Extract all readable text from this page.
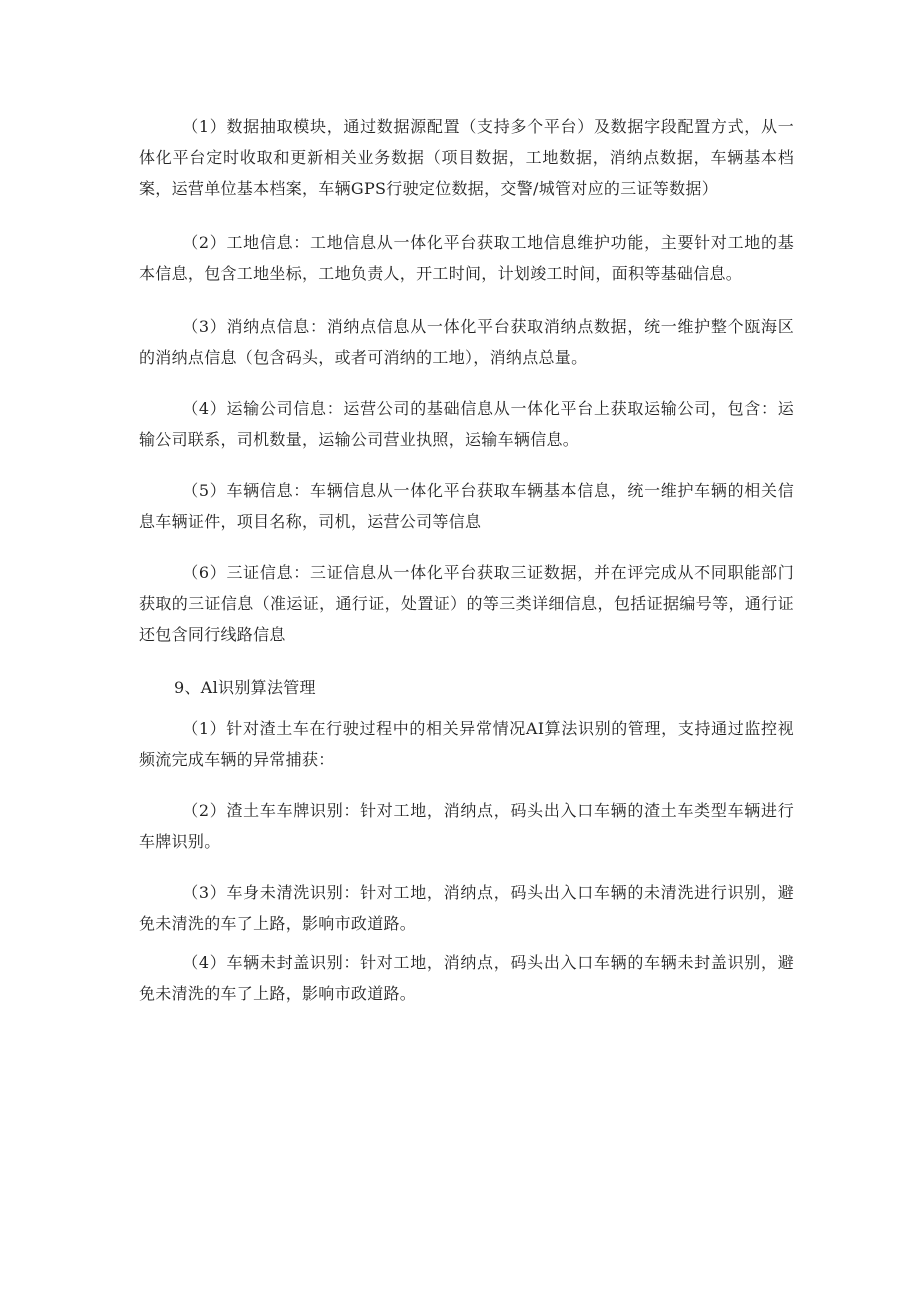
（1）数据抽取模块，通过数据源配置（支持多个平台）及数据字段配置方式，从一体化平台定时收取和更新相关业务数据（项目数据，工地数据，消纳点数据，车辆基本档案，运营单位基本档案，车辆GPS行驶定位数据，交警/城管对应的三证等数据）

（2）工地信息：工地信息从一体化平台获取工地信息维护功能，主要针对工地的基本信息，包含工地坐标，工地负责人，开工时间，计划竣工时间，面积等基础信息。

（3）消纳点信息：消纳点信息从一体化平台获取消纳点数据，统一维护整个瓯海区的消纳点信息（包含码头，或者可消纳的工地），消纳点总量。

（4）运输公司信息：运营公司的基础信息从一体化平台上获取运输公司，包含：运输公司联系，司机数量，运输公司营业执照，运输车辆信息。

（5）车辆信息：车辆信息从一体化平台获取车辆基本信息，统一维护车辆的相关信息车辆证件，项目名称，司机，运营公司等信息

（6）三证信息：三证信息从一体化平台获取三证数据，并在评完成从不同职能部门获取的三证信息（准运证，通行证，处置证）的等三类详细信息，包括证据编号等，通行证还包含同行线路信息

9、Al识别算法管理

（1）针对渣土车在行驶过程中的相关异常情况AI算法识别的管理，支持通过监控视频流完成车辆的异常捕获：

（2）渣土车车牌识别：针对工地，消纳点，码头出入口车辆的渣土车类型车辆进行车牌识别。

（3）车身未清洗识别：针对工地，消纳点，码头出入口车辆的未清洗进行识别，避免未清洗的车了上路，影响市政道路。

（4）车辆未封盖识别：针对工地，消纳点，码头出入口车辆的车辆未封盖识别，避免未清洗的车了上路，影响市政道路。
